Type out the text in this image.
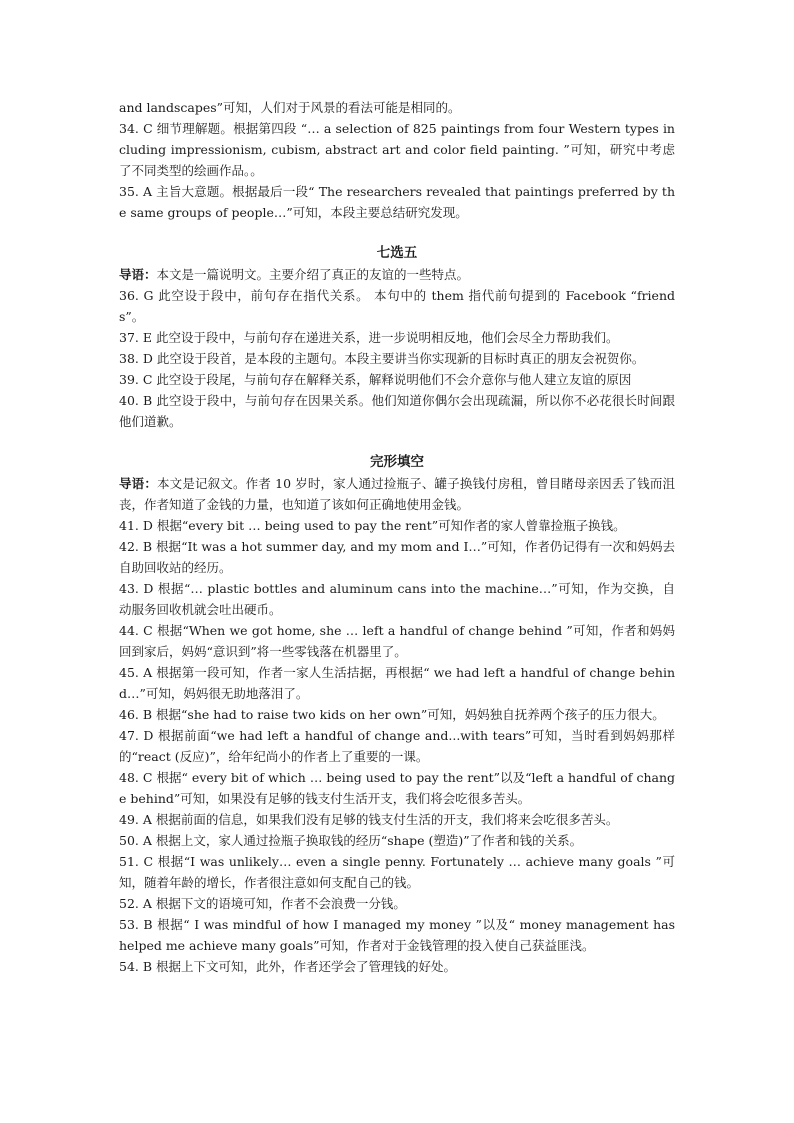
and landscapes”可知，人们对于风景的看法可能是相同的。

34. C 细节理解题。根据第四段 “… a selection of 825 paintings from four Western types including impressionism, cubism, abstract art and color field painting. ”可知，研究中考虑了不同类型的绘画作品。。

35. A 主旨大意题。根据最后一段“ The researchers revealed that paintings preferred by the same groups of people…”可知，本段主要总结研究发现。

七选五

导语：本文是一篇说明文。主要介绍了真正的友谊的一些特点。

36. G 此空设于段中，前句存在指代关系。 本句中的 them 指代前句提到的 Facebook “friends”。

37. E 此空设于段中，与前句存在递进关系，进一步说明相反地，他们会尽全力帮助我们。

38. D 此空设于段首，是本段的主题句。本段主要讲当你实现新的目标时真正的朋友会祝贺你。

39. C 此空设于段尾，与前句存在解释关系，解释说明他们不会介意你与他人建立友谊的原因

40. B 此空设于段中，与前句存在因果关系。他们知道你偶尔会出现疏漏，所以你不必花很长时间跟他们道歉。

完形填空

导语：本文是记叙文。作者 10 岁时，家人通过捡瓶子、罐子换钱付房租，曾目睹母亲因丢了钱而沮丧，作者知道了金钱的力量，也知道了该如何正确地使用金钱。

41. D 根据“every bit … being used to pay the rent”可知作者的家人曾靠捡瓶子换钱。

42. B 根据“It was a hot summer day, and my mom and I…”可知，作者仍记得有一次和妈妈去自助回收站的经历。

43. D 根据“… plastic bottles and aluminum cans into the machine…”可知，作为交换，自动服务回收机就会吐出硬币。

44. C 根据“When we got home, she … left a handful of change behind ”可知，作者和妈妈回到家后，妈妈“意识到”将一些零钱落在机器里了。

45. A 根据第一段可知，作者一家人生活拮据，再根据“ we had left a handful of change behind…”可知，妈妈很无助地落泪了。

46. B 根据“she had to raise two kids on her own”可知，妈妈独自抚养两个孩子的压力很大。

47. D 根据前面“we had left a handful of change and...with tears”可知，当时看到妈妈那样的“react (反应)”，给年纪尚小的作者上了重要的一课。

48. C 根据“ every bit of which … being used to pay the rent”以及“left a handful of change behind”可知，如果没有足够的钱支付生活开支，我们将会吃很多苦头。

49. A 根据前面的信息，如果我们没有足够的钱支付生活的开支，我们将来会吃很多苦头。

50. A 根据上文，家人通过捡瓶子换取钱的经历“shape (塑造)”了作者和钱的关系。

51. C 根据“I was unlikely… even a single penny. Fortunately … achieve many goals ”可知，随着年龄的增长，作者很注意如何支配自己的钱。

52. A 根据下文的语境可知，作者不会浪费一分钱。

53. B 根据“ I was mindful of how I managed my money ”以及“ money management has helped me achieve many goals”可知，作者对于金钱管理的投入使自己获益匪浅。

54. B 根据上下文可知，此外，作者还学会了管理钱的好处。
